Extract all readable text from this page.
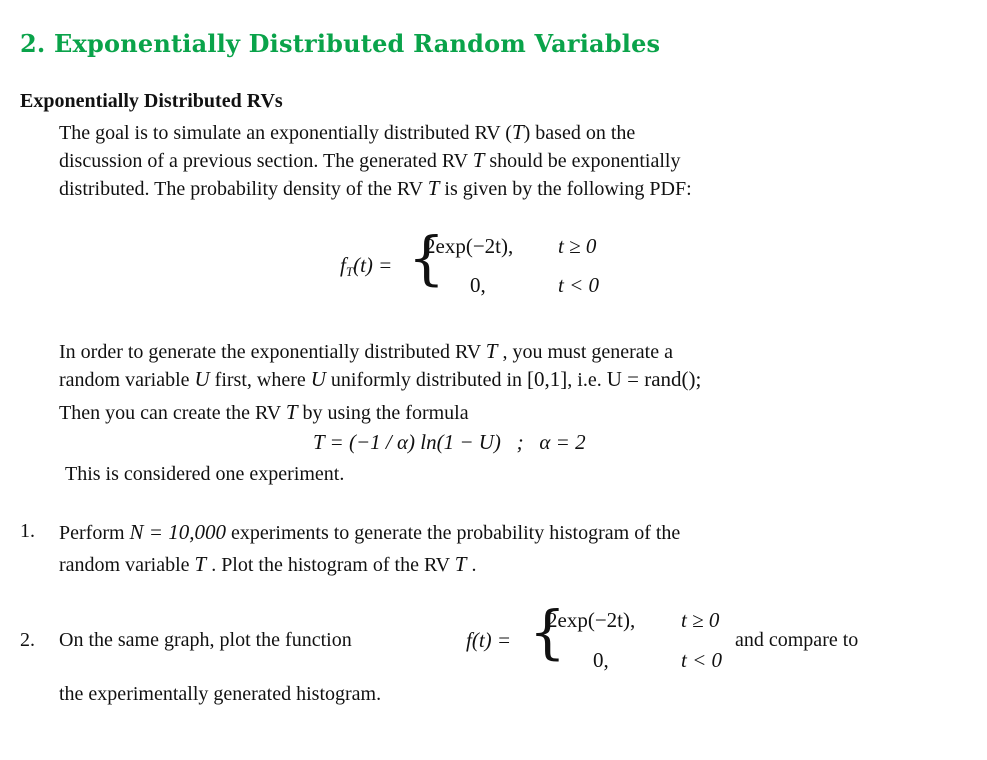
2. Exponentially Distributed Random Variables
Exponentially Distributed RVs
The goal is to simulate an exponentially distributed RV (T) based on the
discussion of a previous section. The generated RV T should be exponentially
distributed. The probability density of the RV T is given by the following PDF:
$f_T(t)$ = {
2exp(−2t), t ≥ 0
0,	t < 0
In order to generate the exponentially distributed RV T , you must generate a
random variable U first, where U uniformly distributed in [0,1], i.e. U = rand();
Then you can create the RV T by using the formula
T = (−1 / α) ln(1 − U)   ;   α = 2
This is considered one experiment.
1. Perform N = 10,000 experiments to generate the probability histogram of the
random variable T . Plot the histogram of the RV T .
2. On the same graph, plot the function	f(t) = {
2exp(−2t), t ≥ 0
0,	t < 0
and compare to
the experimentally generated histogram.
